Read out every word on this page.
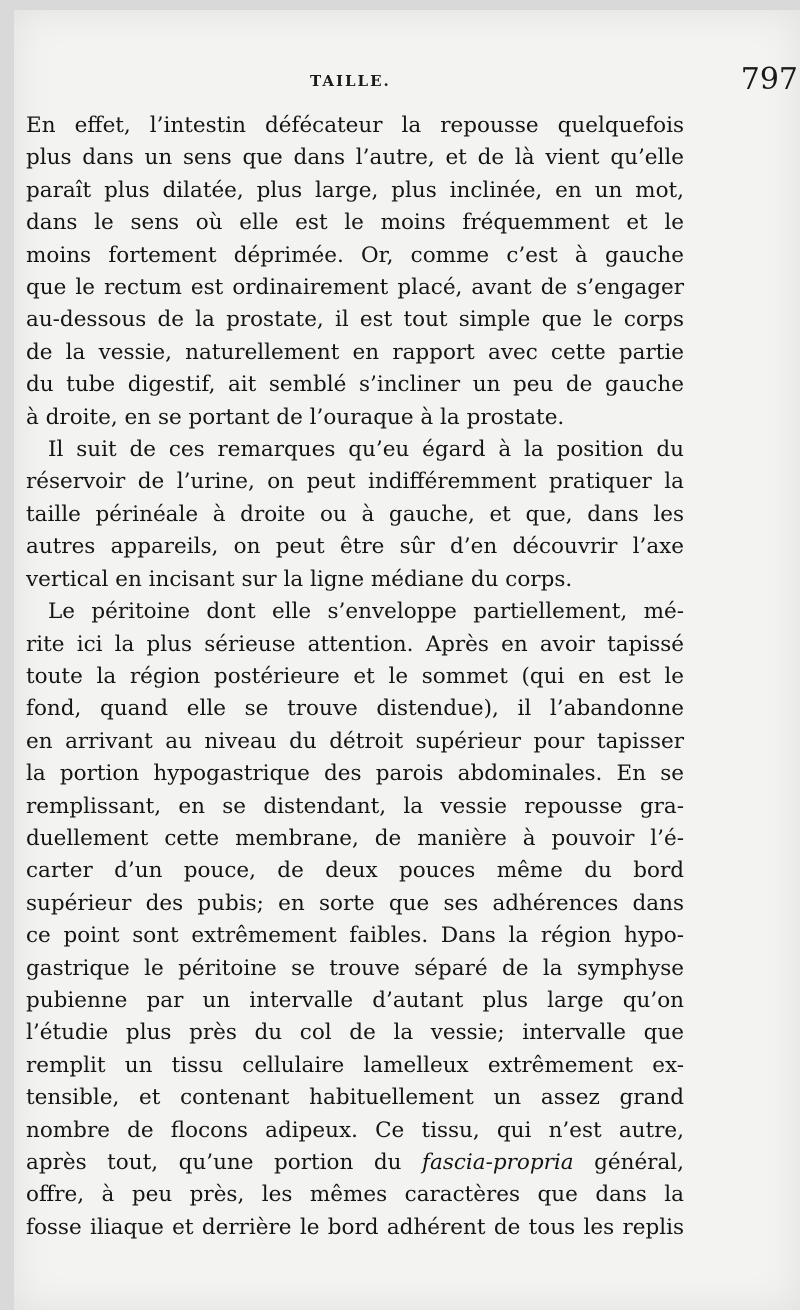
TAILLE.	797
En effet, l’intestin défécateur la repousse quelquefois
plus dans un sens que dans l’autre, et de là vient qu’elle
paraît plus dilatée, plus large, plus inclinée, en un mot,
dans le sens où elle est le moins fréquemment et le
moins fortement déprimée. Or, comme c’est à gauche
que le rectum est ordinairement placé, avant de s’engager
au-dessous de la prostate, il est tout simple que le corps
de la vessie, naturellement en rapport avec cette partie
du tube digestif, ait semblé s’incliner un peu de gauche
à droite, en se portant de l’ouraque à la prostate.
Il suit de ces remarques qu’eu égard à la position du
réservoir de l’urine, on peut indifféremment pratiquer la
taille périnéale à droite ou à gauche, et que, dans les
autres appareils, on peut être sûr d’en découvrir l’axe
vertical en incisant sur la ligne médiane du corps.
Le péritoine dont elle s’enveloppe partiellement, mé-
rite ici la plus sérieuse attention. Après en avoir tapissé
toute la région postérieure et le sommet (qui en est le
fond, quand elle se trouve distendue), il l’abandonne
en arrivant au niveau du détroit supérieur pour tapisser
la portion hypogastrique des parois abdominales. En se
remplissant, en se distendant, la vessie repousse gra-
duellement cette membrane, de manière à pouvoir l’é-
carter d’un pouce, de deux pouces même du bord
supérieur des pubis; en sorte que ses adhérences dans
ce point sont extrêmement faibles. Dans la région hypo-
gastrique le péritoine se trouve séparé de la symphyse
pubienne par un intervalle d’autant plus large qu’on
l’étudie plus près du col de la vessie; intervalle que
remplit un tissu cellulaire lamelleux extrêmement ex-
tensible, et contenant habituellement un assez grand
nombre de flocons adipeux. Ce tissu, qui n’est autre,
après tout, qu’une portion du fascia-propria général,
offre, à peu près, les mêmes caractères que dans la
fosse iliaque et derrière le bord adhérent de tous les replis
